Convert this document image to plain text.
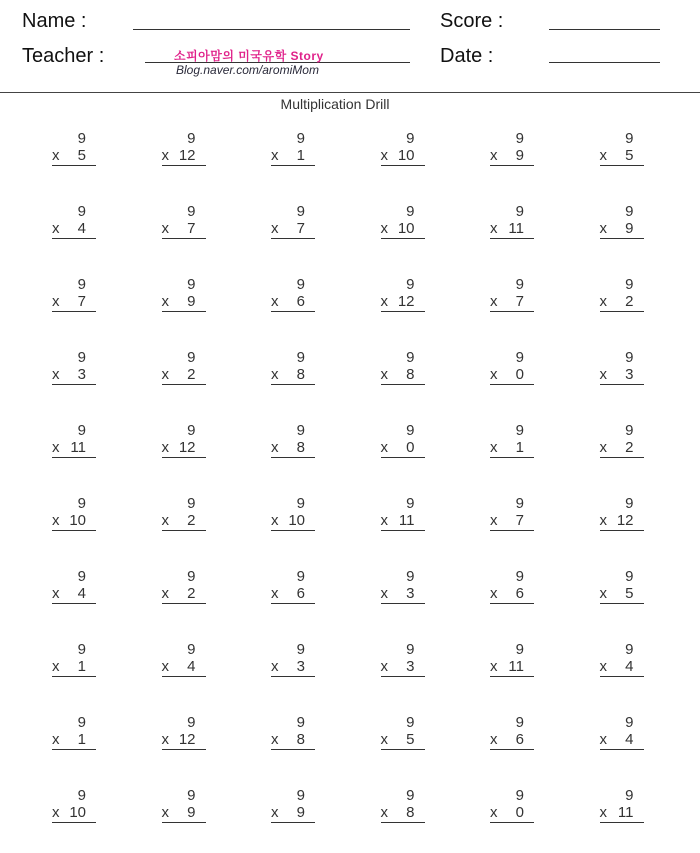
Name :	Score :
Teacher :	Date :
소피아맘의 미국유학 Story
Blog.naver.com/aromiMom
Multiplication Drill
9
x 5
9
x 12
9
x 1
9
x 10
9
x 9
9
x 5
9
x 4
9
x 7
9
x 7
9
x 10
9
x 11
9
x 9
9
x 7
9
x 9
9
x 6
9
x 12
9
x 7
9
x 2
9
x 3
9
x 2
9
x 8
9
x 8
9
x 0
9
x 3
9
x 11
9
x 12
9
x 8
9
x 0
9
x 1
9
x 2
9
x 10
9
x 2
9
x 10
9
x 11
9
x 7
9
x 12
9
x 4
9
x 2
9
x 6
9
x 3
9
x 6
9
x 5
9
x 1
9
x 4
9
x 3
9
x 3
9
x 11
9
x 4
9
x 1
9
x 12
9
x 8
9
x 5
9
x 6
9
x 4
9
x 10
9
x 9
9
x 9
9
x 8
9
x 0
9
x 11
